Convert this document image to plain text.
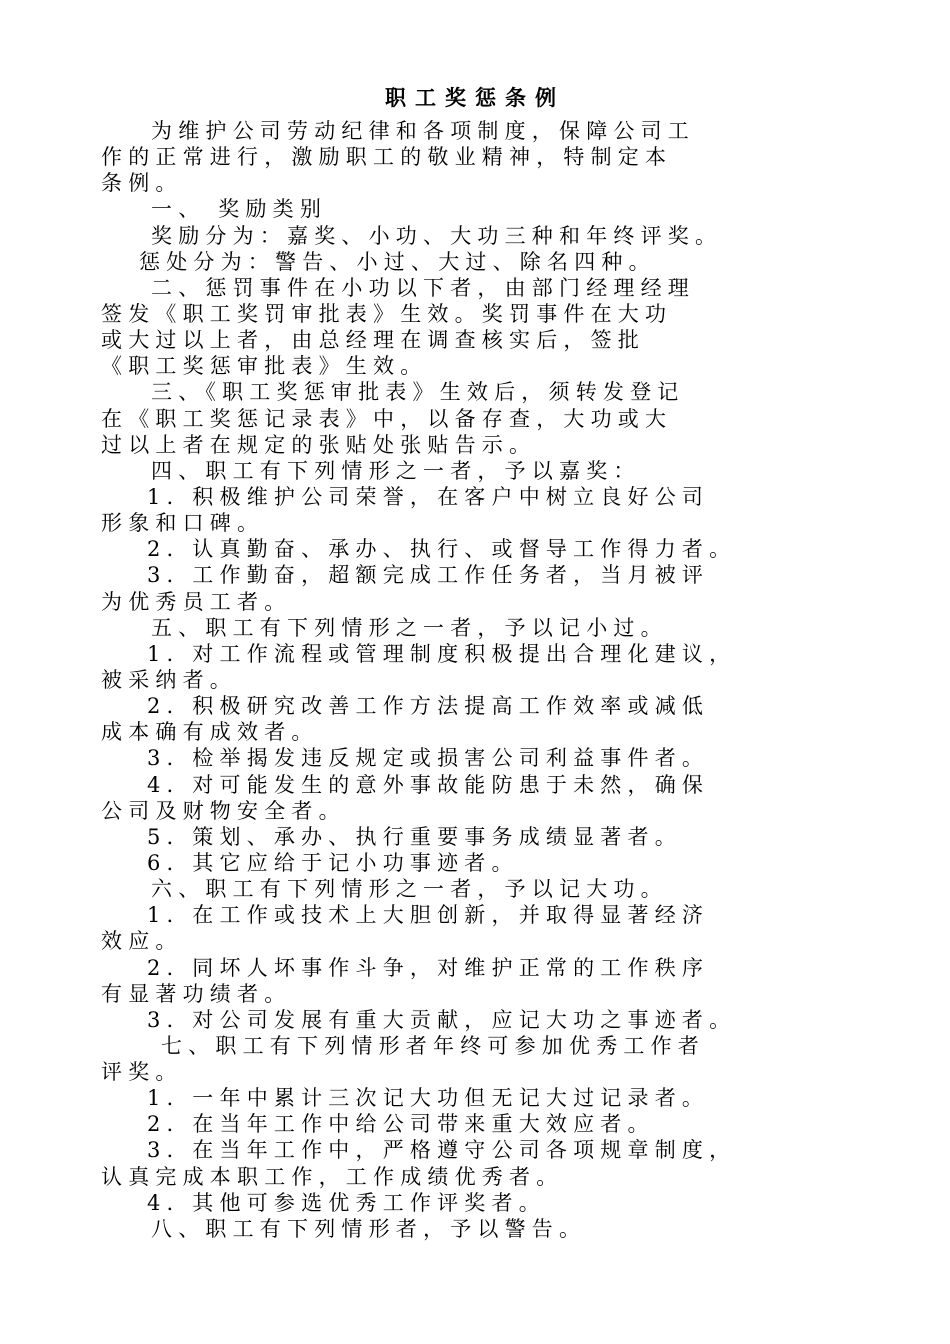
职工奖惩条例
为维护公司劳动纪律和各项制度，保障公司工
作的正常进行，激励职工的敬业精神，特制定本
条例。
一、 奖励类别
奖励分为：嘉奖、小功、大功三种和年终评奖。
惩处分为：警告、小过、大过、除名四种。
二、惩罚事件在小功以下者，由部门经理经理
签发《职工奖罚审批表》生效。奖罚事件在大功
或大过以上者，由总经理在调查核实后，签批
《职工奖惩审批表》生效。
三、《职工奖惩审批表》生效后，须转发登记
在《职工奖惩记录表》中，以备存查，大功或大
过以上者在规定的张贴处张贴告示。
四、职工有下列情形之一者，予以嘉奖：
1. 积极维护公司荣誉，在客户中树立良好公司
形象和口碑。
2. 认真勤奋、承办、执行、或督导工作得力者。
3. 工作勤奋，超额完成工作任务者，当月被评
为优秀员工者。
五、职工有下列情形之一者，予以记小过。
1. 对工作流程或管理制度积极提出合理化建议，
被采纳者。
2. 积极研究改善工作方法提高工作效率或减低
成本确有成效者。
3. 检举揭发违反规定或损害公司利益事件者。
4. 对可能发生的意外事故能防患于未然，确保
公司及财物安全者。
5. 策划、承办、执行重要事务成绩显著者。
6. 其它应给于记小功事迹者。
六、职工有下列情形之一者，予以记大功。
1. 在工作或技术上大胆创新，并取得显著经济
效应。
2. 同坏人坏事作斗争，对维护正常的工作秩序
有显著功绩者。
3. 对公司发展有重大贡献，应记大功之事迹者。
七、职工有下列情形者年终可参加优秀工作者
评奖。
1. 一年中累计三次记大功但无记大过记录者。
2. 在当年工作中给公司带来重大效应者。
3. 在当年工作中，严格遵守公司各项规章制度，
认真完成本职工作，工作成绩优秀者。
4. 其他可参选优秀工作评奖者。
八、职工有下列情形者，予以警告。
